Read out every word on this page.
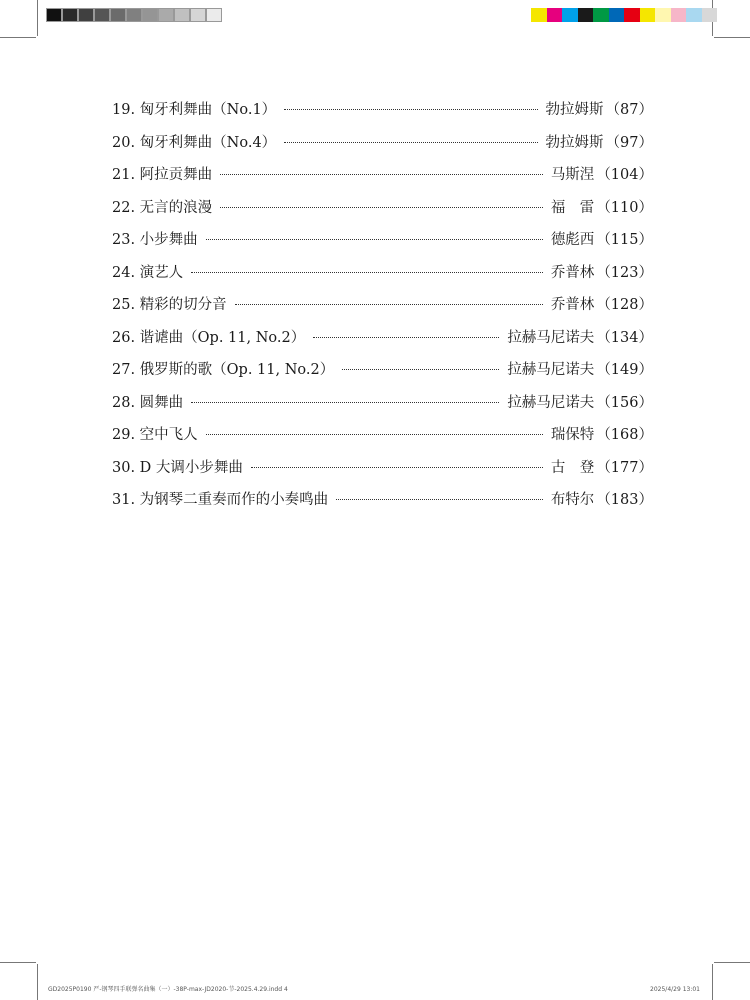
19. 匈牙利舞曲（No.1）	勃拉姆斯 （87）
20. 匈牙利舞曲（No.4）	勃拉姆斯 （97）
21. 阿拉贡舞曲	马斯涅 （104）
22. 无言的浪漫	福　雷 （110）
23. 小步舞曲	德彪西 （115）
24. 演艺人	乔普林 （123）
25. 精彩的切分音	乔普林 （128）
26. 谐谑曲（Op. 11, No.2）	拉赫马尼诺夫 （134）
27. 俄罗斯的歌（Op. 11, No.2）	拉赫马尼诺夫 （149）
28. 圆舞曲	拉赫马尼诺夫 （156）
29. 空中飞人	瑞保特 （168）
30. D 大调小步舞曲	古　登 （177）
31. 为钢琴二重奏而作的小奏鸣曲	布特尔 （183）
GD2025P0190 严-钢琴四手联弹名曲集（一）-38P-max-JD2020-节-2025.4.29.indd 4	2025/4/29 13:01
